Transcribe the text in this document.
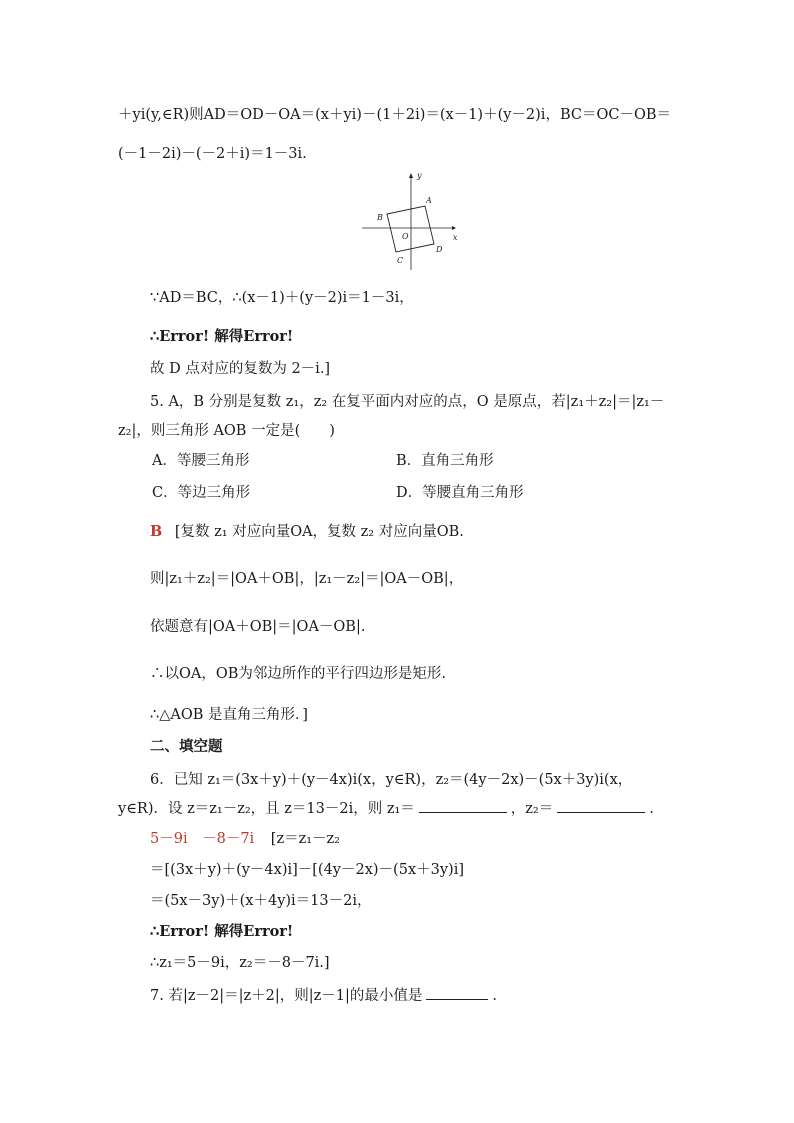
＋yi(y,∈R)则AD＝OD－OA＝(x＋yi)－(1＋2i)＝(x－1)＋(y－2)i，BC＝OC－OB＝
(－1－2i)－(－2＋i)＝1－3i.
y
x
A
B
C
D
O
∵AD＝BC，∴(x－1)＋(y－2)i＝1－3i，
∴Error! 解得Error!
故 D 点对应的复数为 2－i.]
5. A，B 分别是复数 z₁，z₂ 在复平面内对应的点，O 是原点，若|z₁＋z₂|＝|z₁－
z₂|，则三角形 AOB 一定是(　　)
A．等腰三角形	B．直角三角形
C．等边三角形	D．等腰直角三角形
B [复数 z₁ 对应向量OA，复数 z₂ 对应向量OB.
则|z₁＋z₂|＝|OA＋OB|，|z₁－z₂|＝|OA－OB|，
依题意有|OA＋OB|＝|OA－OB|.
∴以OA，OB为邻边所作的平行四边形是矩形.
∴△AOB 是直角三角形．]
二、填空题
6．已知 z₁＝(3x＋y)＋(y－4x)i(x，y∈R)，z₂＝(4y－2x)－(5x＋3y)i(x，
y∈R)．设 z＝z₁－z₂，且 z＝13－2i，则 z₁＝	，z₂＝	.
5－9i　－8－7i [z＝z₁－z₂
＝[(3x＋y)＋(y－4x)i]－[(4y－2x)－(5x＋3y)i]
＝(5x－3y)＋(x＋4y)i＝13－2i，
∴Error! 解得Error!
∴z₁＝5－9i，z₂＝－8－7i.]
7. 若|z－2|＝|z＋2|，则|z－1|的最小值是	.
